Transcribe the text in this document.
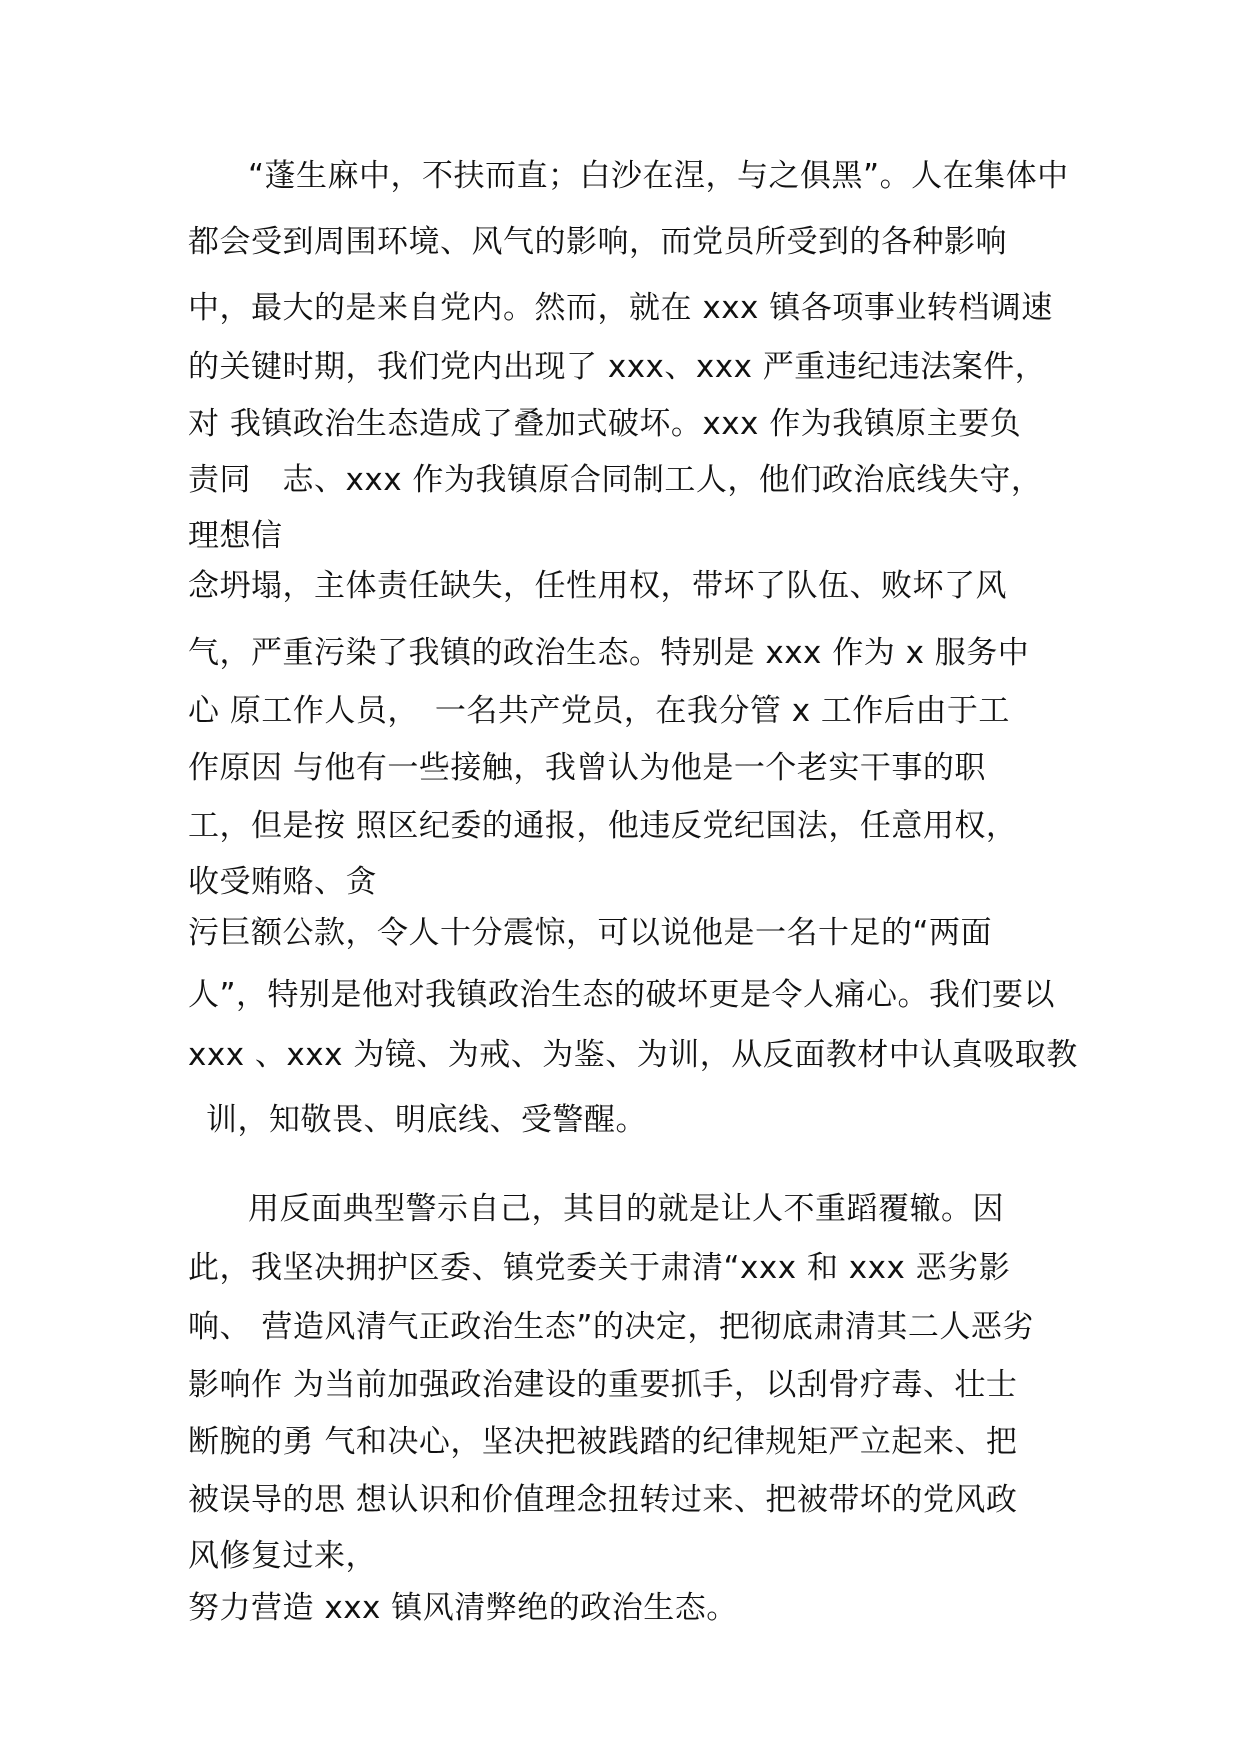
“蓬生麻中，不扶而直；白沙在涅，与之俱黑”。人在集体中
都会受到周围环境、风气的影响，而党员所受到的各种影响
中，最大的是来自党内。然而，就在 xxx 镇各项事业转档调速
的关键时期，我们党内出现了 xxx、xxx 严重违纪违法案件，
对 我镇政治生态造成了叠加式破坏。xxx 作为我镇原主要负
责同　志、xxx 作为我镇原合同制工人，他们政治底线失守，
理想信
念坍塌，主体责任缺失，任性用权，带坏了队伍、败坏了风
气，严重污染了我镇的政治生态。特别是 xxx 作为 x 服务中
心 原工作人员，　一名共产党员，在我分管 x 工作后由于工
作原因 与他有一些接触，我曾认为他是一个老实干事的职
工，但是按 照区纪委的通报，他违反党纪国法，任意用权，
收受贿赂、贪
污巨额公款，令人十分震惊，可以说他是一名十足的“两面
人”，特别是他对我镇政治生态的破坏更是令人痛心。我们要以
xxx 、xxx 为镜、为戒、为鉴、为训，从反面教材中认真吸取教
训，知敬畏、明底线、受警醒。
用反面典型警示自己，其目的就是让人不重蹈覆辙。因
此，我坚决拥护区委、镇党委关于肃清“xxx 和 xxx 恶劣影
响、 营造风清气正政治生态”的决定，把彻底肃清其二人恶劣
影响作 为当前加强政治建设的重要抓手，以刮骨疗毒、壮士
断腕的勇 气和决心，坚决把被践踏的纪律规矩严立起来、把
被误导的思 想认识和价值理念扭转过来、把被带坏的党风政
风修复过来，
努力营造 xxx 镇风清弊绝的政治生态。
